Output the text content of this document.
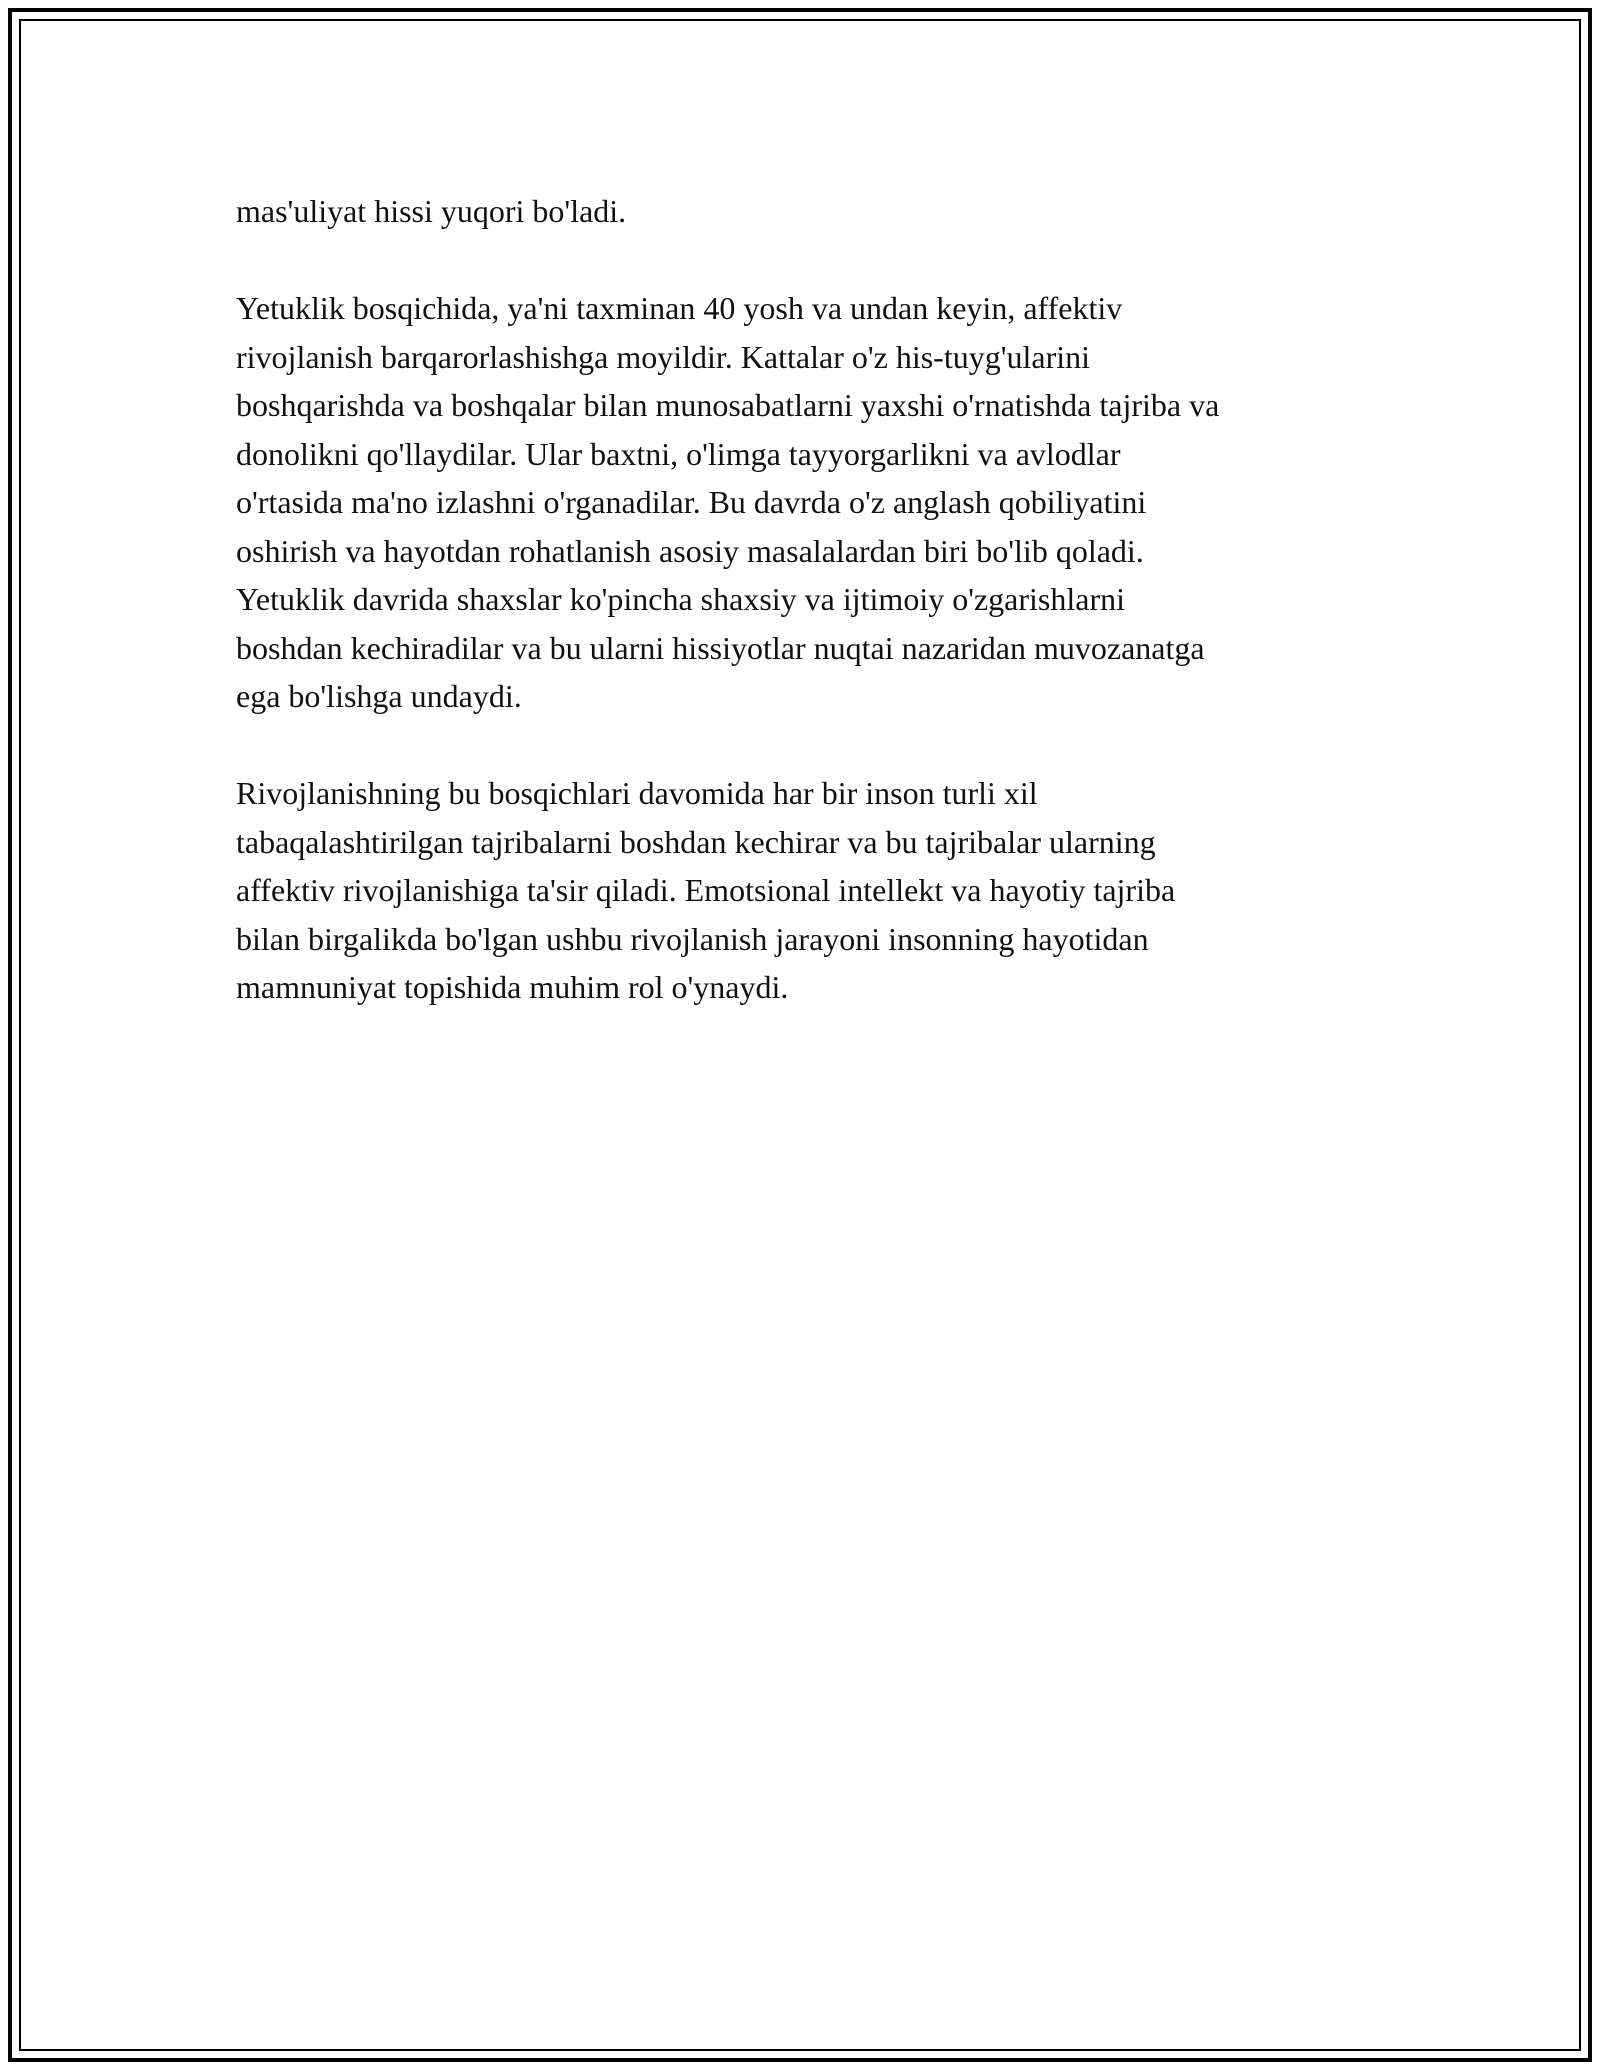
mas'uliyat hissi yuqori bo'ladi.

Yetuklik bosqichida, ya'ni taxminan 40 yosh va undan keyin, affektiv
rivojlanish barqarorlashishga moyildir. Kattalar o'z his-tuyg'ularini
boshqarishda va boshqalar bilan munosabatlarni yaxshi o'rnatishda tajriba va
donolikni qo'llaydilar. Ular baxtni, o'limga tayyorgarlikni va avlodlar
o'rtasida ma'no izlashni o'rganadilar. Bu davrda o'z anglash qobiliyatini
oshirish va hayotdan rohatlanish asosiy masalalardan biri bo'lib qoladi.
Yetuklik davrida shaxslar ko'pincha shaxsiy va ijtimoiy o'zgarishlarni
boshdan kechiradilar va bu ularni hissiyotlar nuqtai nazaridan muvozanatga
ega bo'lishga undaydi.

Rivojlanishning bu bosqichlari davomida har bir inson turli xil
tabaqalashtirilgan tajribalarni boshdan kechirar va bu tajribalar ularning
affektiv rivojlanishiga ta'sir qiladi. Emotsional intellekt va hayotiy tajriba
bilan birgalikda bo'lgan ushbu rivojlanish jarayoni insonning hayotidan
mamnuniyat topishida muhim rol o'ynaydi.
